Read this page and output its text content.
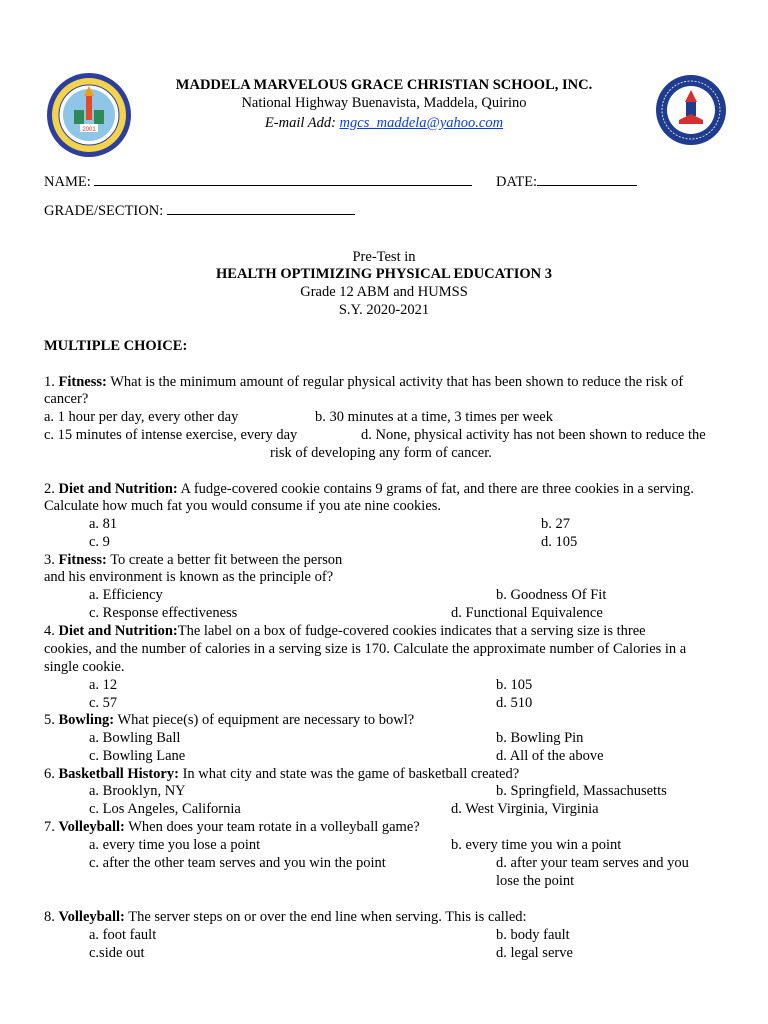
2001
MADDELA MARVELOUS GRACE CHRISTIAN SCHOOL, INC.
National Highway Buenavista, Maddela, Quirino
E-mail Add: mgcs_maddela@yahoo.com
NAME:	DATE:
GRADE/SECTION:
Pre-Test in
HEALTH OPTIMIZING PHYSICAL EDUCATION 3
Grade 12 ABM and HUMSS
S.Y. 2020-2021
MULTIPLE CHOICE:
1. Fitness: What is the minimum amount of regular physical activity that has been shown to reduce the risk of
cancer?
a. 1 hour per day, every other day	b. 30 minutes at a time, 3 times per week
c. 15 minutes of intense exercise, every day	d. None, physical activity has not been shown to reduce the
risk of developing any form of cancer.
2. Diet and Nutrition: A fudge-covered cookie contains 9 grams of fat, and there are three cookies in a serving.
Calculate how much fat you would consume if you ate nine cookies.
a. 81	b. 27
c. 9	d. 105
3. Fitness: To create a better fit between the person
and his environment is known as the principle of?
a. Efficiency	b. Goodness Of Fit
c. Response effectiveness	d. Functional Equivalence
4. Diet and Nutrition:The label on a box of fudge-covered cookies indicates that a serving size is three
cookies, and the number of calories in a serving size is 170. Calculate the approximate number of Calories in a
single cookie.
a. 12	b. 105
c. 57	d. 510
5. Bowling: What piece(s) of equipment are necessary to bowl?
a. Bowling Ball	b. Bowling Pin
c. Bowling Lane	d. All of the above
6. Basketball History: In what city and state was the game of basketball created?
a. Brooklyn, NY	b. Springfield, Massachusetts
c. Los Angeles, California	d. West Virginia, Virginia
7. Volleyball: When does your team rotate in a volleyball game?
a. every time you lose a point	b. every time you win a point
c. after the other team serves and you win the point	d. after your team serves and you
lose the point
8. Volleyball: The server steps on or over the end line when serving. This is called:
a. foot fault	b. body fault
c.side out	d. legal serve
